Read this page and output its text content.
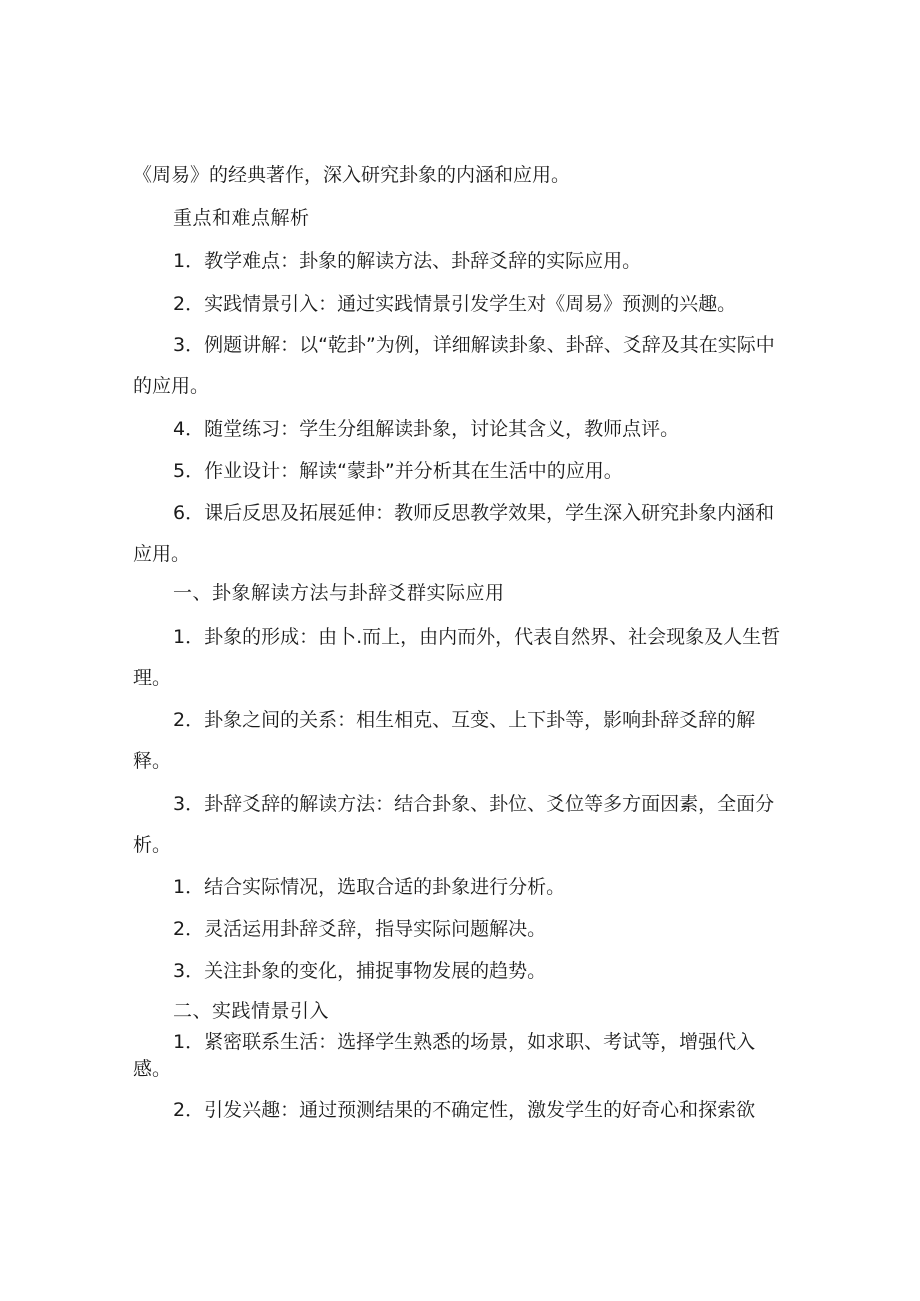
《周易》的经典著作，深入研究卦象的内涵和应用。

重点和难点解析

1．教学难点：卦象的解读方法、卦辞爻辞的实际应用。

2．实践情景引入：通过实践情景引发学生对《周易》预测的兴趣。

3．例题讲解：以“乾卦”为例，详细解读卦象、卦辞、爻辞及其在实际中的应用。

4．随堂练习：学生分组解读卦象，讨论其含义，教师点评。

5．作业设计：解读“蒙卦”并分析其在生活中的应用。

6．课后反思及拓展延伸：教师反思教学效果，学生深入研究卦象内涵和应用。

一、卦象解读方法与卦辞爻群实际应用

1．卦象的形成：由卜.而上，由内而外，代表自然界、社会现象及人生哲理。

2．卦象之间的关系：相生相克、互变、上下卦等，影响卦辞爻辞的解释。

3．卦辞爻辞的解读方法：结合卦象、卦位、爻位等多方面因素，全面分析。

1．结合实际情况，选取合适的卦象进行分析。

2．灵活运用卦辞爻辞，指导实际问题解决。

3．关注卦象的变化，捕捉事物发展的趋势。

二、实践情景引入

1．紧密联系生活：选择学生熟悉的场景，如求职、考试等，增强代入感。

2．引发兴趣：通过预测结果的不确定性，激发学生的好奇心和探索欲
